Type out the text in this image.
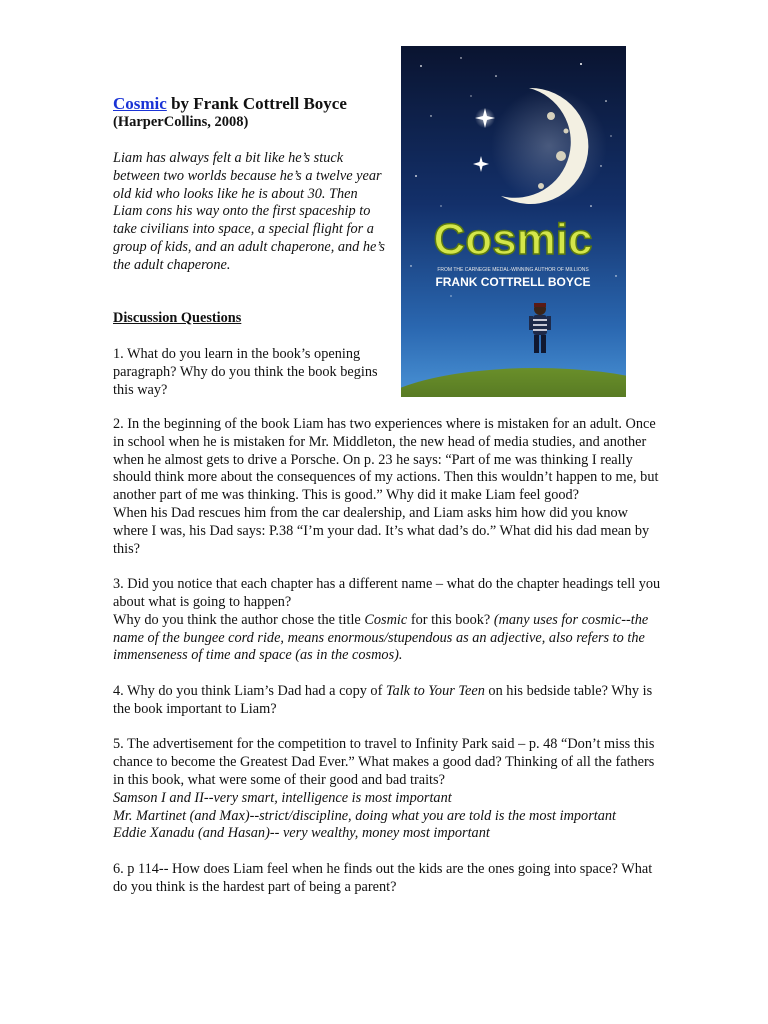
Cosmic by Frank Cottrell Boyce
(HarperCollins, 2008)

Liam has always felt a bit like he’s stuck between two worlds because he’s a twelve year old kid who looks like he is about 30. Then Liam cons his way onto the first spaceship to take civilians into space, a special flight for a group of kids, and an adult chaperone, and he’s the adult chaperone.

Discussion Questions

1. What do you learn in the book’s opening paragraph? Why do you think the book begins this way?

Cosmic
FROM THE CARNEGIE MEDAL-WINNING AUTHOR OF MILLIONS
FRANK COTTRELL BOYCE

2. In the beginning of the book Liam has two experiences where is mistaken for an adult. Once in school when he is mistaken for Mr. Middleton, the new head of media studies, and another when he almost gets to drive a Porsche. On p. 23 he says: “Part of me was thinking I really should think more about the consequences of my actions. Then this wouldn’t happen to me, but another part of me was thinking. This is good.” Why did it make Liam feel good?
When his Dad rescues him from the car dealership, and Liam asks him how did you know where I was, his Dad says: P.38 “I’m your dad. It’s what dad’s do.” What did his dad mean by this?

3. Did you notice that each chapter has a different name – what do the chapter headings tell you about what is going to happen?
Why do you think the author chose the title Cosmic for this book? (many uses for cosmic--the name of the bungee cord ride, means enormous/stupendous as an adjective, also refers to the immenseness of time and space (as in the cosmos).

4. Why do you think Liam’s Dad had a copy of Talk to Your Teen on his bedside table? Why is the book important to Liam?

5. The advertisement for the competition to travel to Infinity Park said – p. 48 “Don’t miss this chance to become the Greatest Dad Ever.” What makes a good dad? Thinking of all the fathers in this book, what were some of their good and bad traits?
Samson I and II--very smart, intelligence is most important
Mr. Martinet (and Max)--strict/discipline, doing what you are told is the most important
Eddie Xanadu (and Hasan)-- very wealthy, money most important

6. p 114-- How does Liam feel when he finds out the kids are the ones going into space? What do you think is the hardest part of being a parent?
